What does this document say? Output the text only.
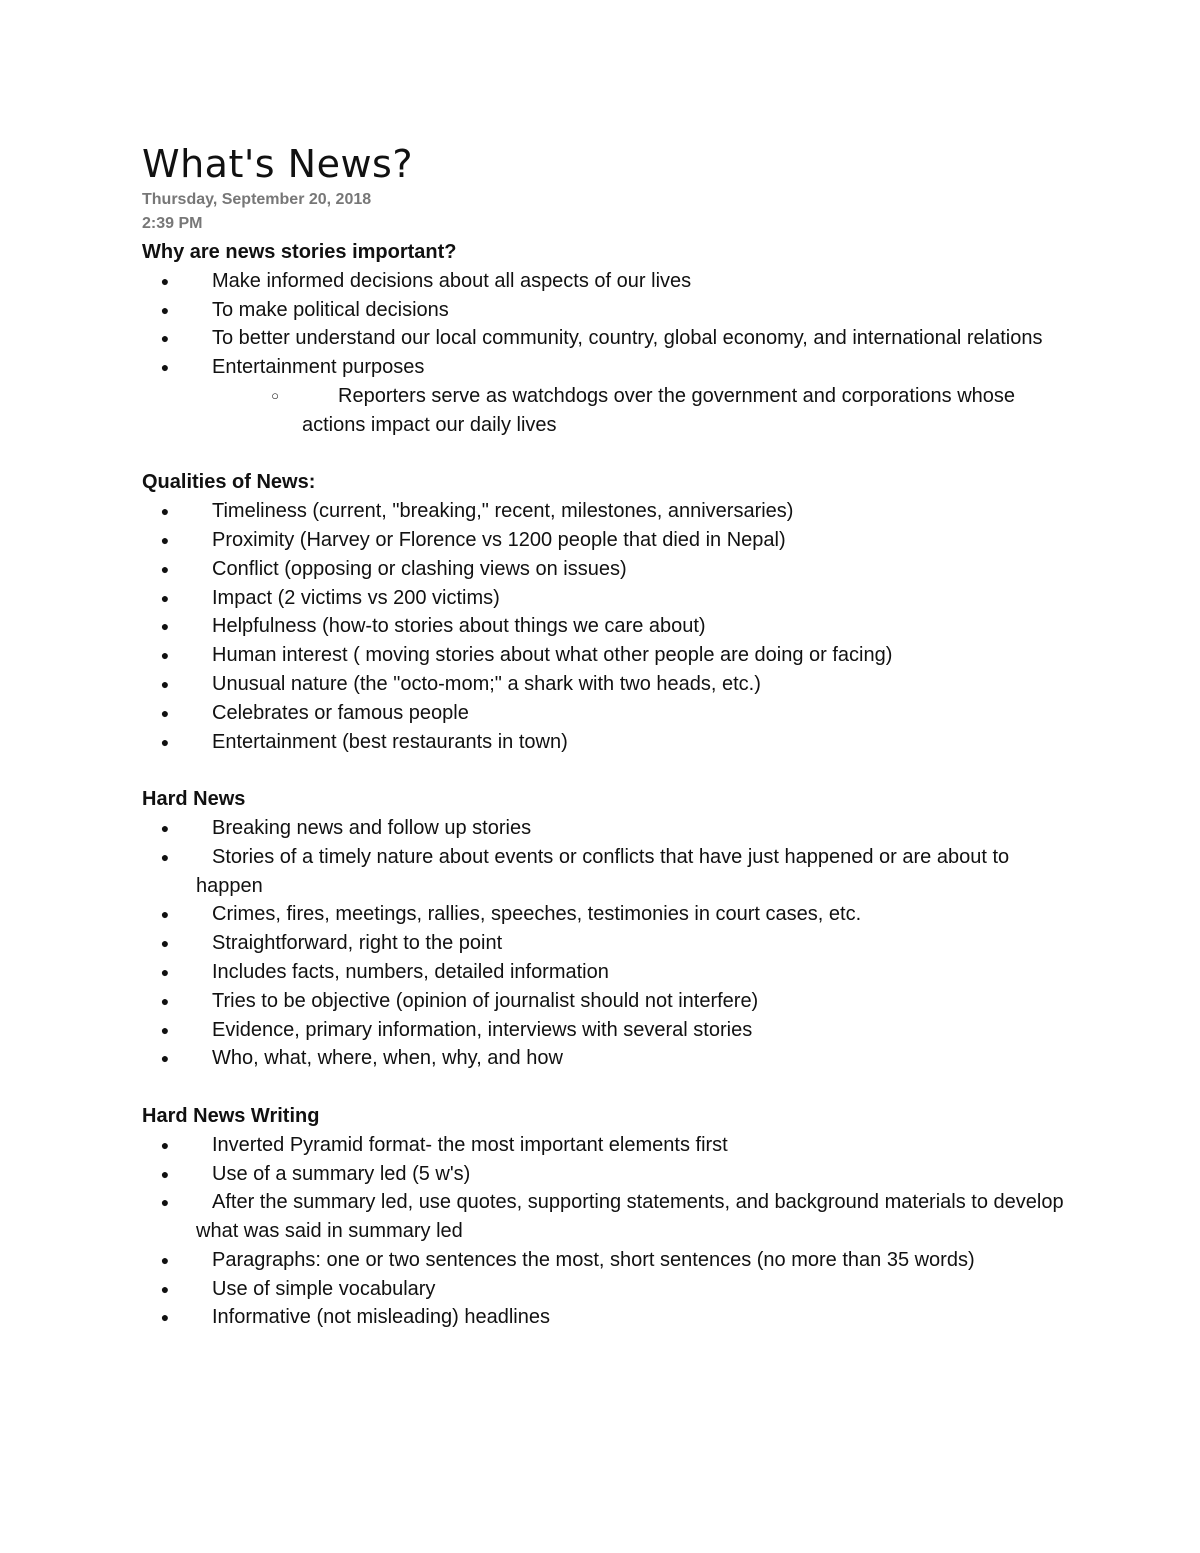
What's News?
Thursday, September 20, 2018
2:39 PM
Why are news stories important?
● Make informed decisions about all aspects of our lives
● To make political decisions
● To better understand our local community, country, global economy, and international relations
● Entertainment purposes
○	Reporters serve as watchdogs over the government and corporations whose actions impact our daily lives
Qualities of News:
● Timeliness (current, "breaking," recent, milestones, anniversaries)
● Proximity (Harvey or Florence vs 1200 people that died in Nepal)
● Conflict (opposing or clashing views on issues)
● Impact (2 victims vs 200 victims)
● Helpfulness (how-to stories about things we care about)
● Human interest ( moving stories about what other people are doing or facing)
● Unusual nature (the "octo-mom;" a shark with two heads, etc.)
● Celebrates or famous people
● Entertainment (best restaurants in town)
Hard News
● Breaking news and follow up stories
● Stories of a timely nature about events or conflicts that have just happened or are about to happen
● Crimes, fires, meetings, rallies, speeches, testimonies in court cases, etc.
● Straightforward, right to the point
● Includes facts, numbers, detailed information
● Tries to be objective (opinion of journalist should not interfere)
● Evidence, primary information, interviews with several stories
● Who, what, where, when, why, and how
Hard News Writing
● Inverted Pyramid format- the most important elements first
● Use of a summary led (5 w's)
● After the summary led, use quotes, supporting statements, and background materials to develop what was said in summary led
● Paragraphs: one or two sentences the most, short sentences (no more than 35 words)
● Use of simple vocabulary
● Informative (not misleading) headlines
